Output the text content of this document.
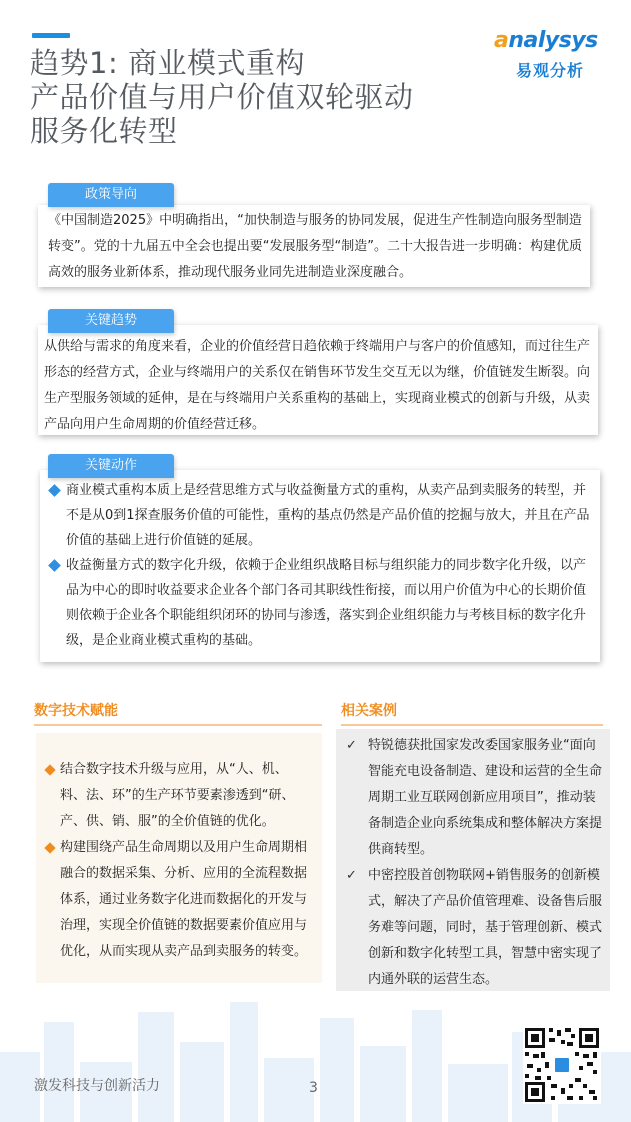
趋势1: 商业模式重构
产品价值与用户价值双轮驱动
服务化转型
analysys
易观分析
《中国制造2025》中明确指出，“加快制造与服务的协同发展，促进生产性制造向服务型制造转变”。党的十九届五中全会也提出要“发展服务型“制造”。二十大报告进一步明确：构建优质高效的服务业新体系，推动现代服务业同先进制造业深度融合。
政策导向
从供给与需求的角度来看，企业的价值经营日趋依赖于终端用户与客户的价值感知，而过往生产形态的经营方式，企业与终端用户的关系仅在销售环节发生交互无以为继，价值链发生断裂。向生产型服务领域的延伸，是在与终端用户关系重构的基础上，实现商业模式的创新与升级，从卖产品向用户生命周期的价值经营迁移。
关键趋势
商业模式重构本质上是经营思维方式与收益衡量方式的重构，从卖产品到卖服务的转型，并不是从0到1探查服务价值的可能性，重构的基点仍然是产品价值的挖掘与放大，并且在产品价值的基础上进行价值链的延展。
收益衡量方式的数字化升级，依赖于企业组织战略目标与组织能力的同步数字化升级，以产品为中心的即时收益要求企业各个部门各司其职线性衔接，而以用户价值为中心的长期价值则依赖于企业各个职能组织闭环的协同与渗透，落实到企业组织能力与考核目标的数字化升级，是企业商业模式重构的基础。
关键动作
数字技术赋能
结合数字技术升级与应用，从“人、机、料、法、环”的生产环节要素渗透到“研、产、供、销、服”的全价值链的优化。
构建围绕产品生命周期以及用户生命周期相融合的数据采集、分析、应用的全流程数据体系，通过业务数字化进而数据化的开发与治理，实现全价值链的数据要素价值应用与优化，从而实现从卖产品到卖服务的转变。
相关案例
✓ 特锐德获批国家发改委国家服务业“面向智能充电设备制造、建设和运营的全生命周期工业互联网创新应用项目”，推动装备制造企业向系统集成和整体解决方案提供商转型。
✓ 中密控股首创物联网+销售服务的创新模式，解决了产品价值管理难、设备售后服务难等问题，同时，基于管理创新、模式创新和数字化转型工具，智慧中密实现了内通外联的运营生态。
激发科技与创新活力	3
